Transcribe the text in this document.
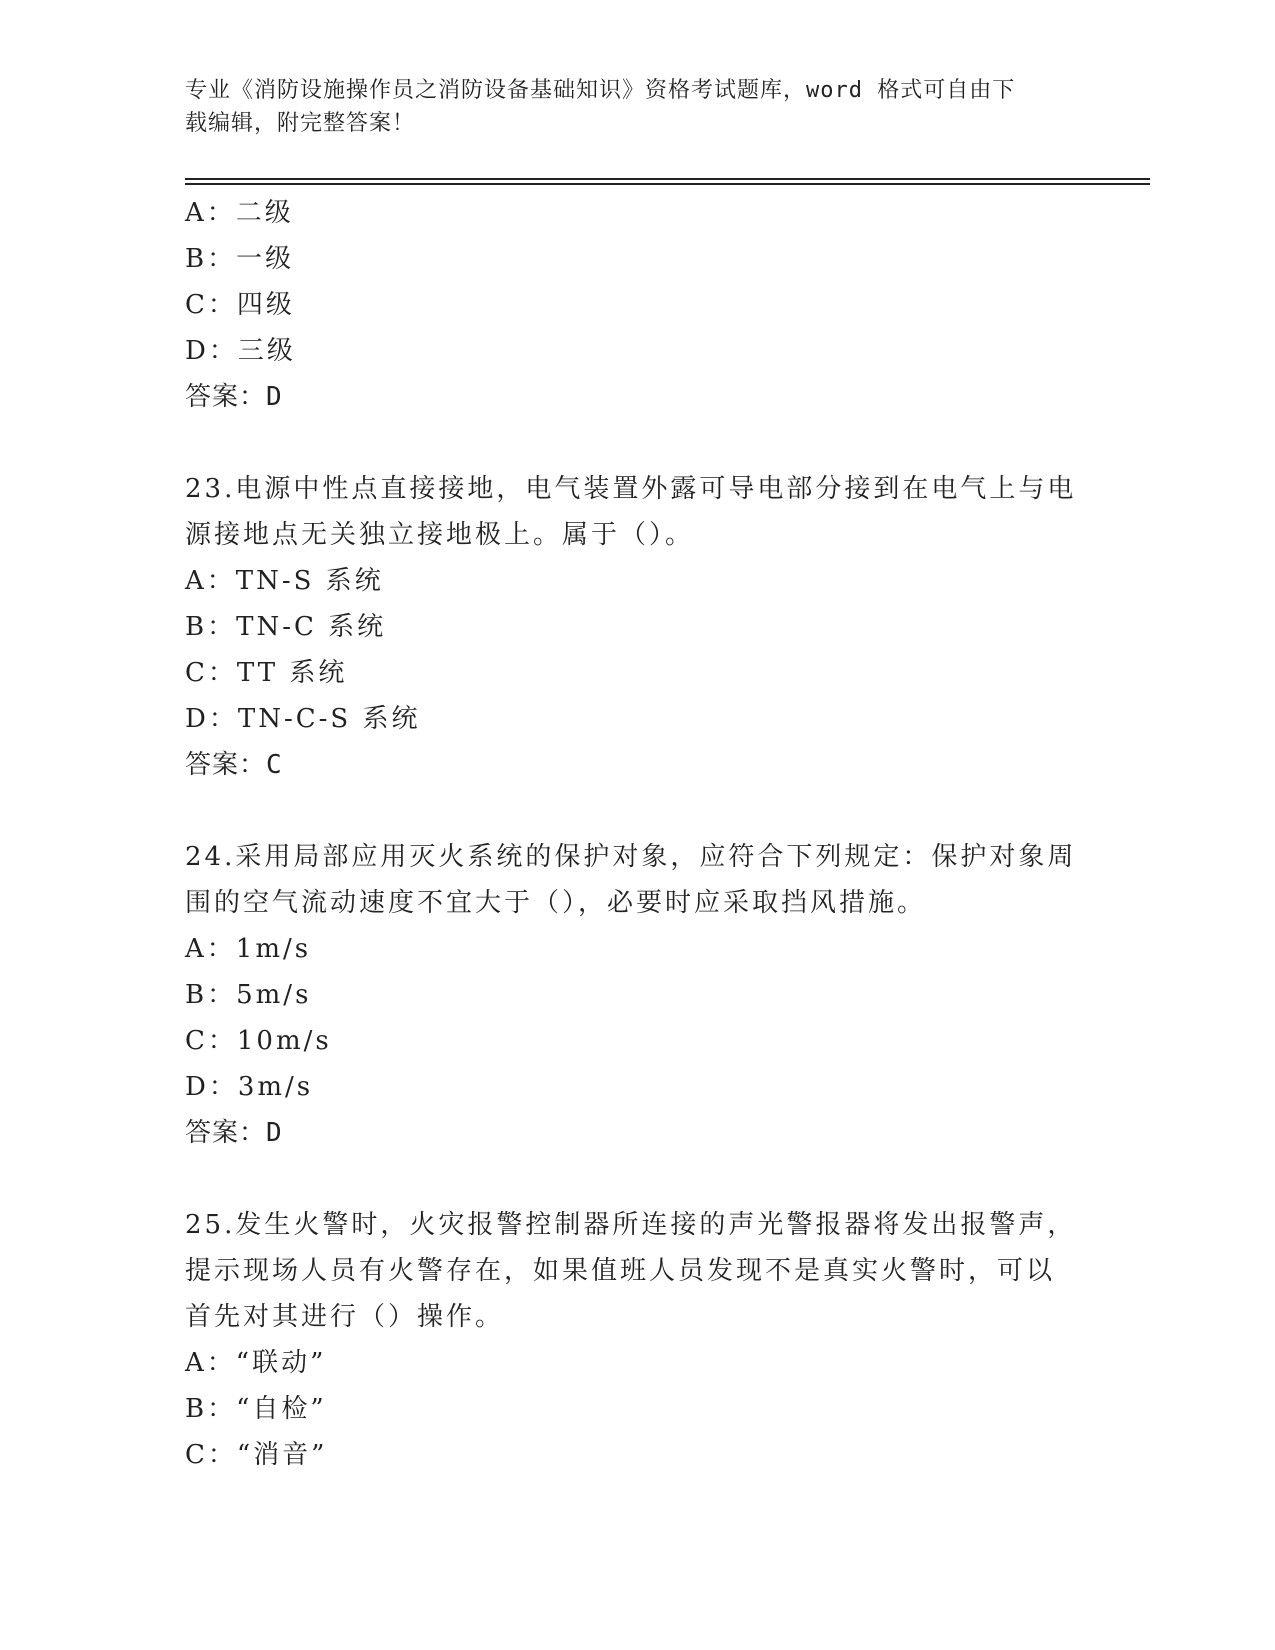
专业《消防设施操作员之消防设备基础知识》资格考试题库，word 格式可自由下
载编辑，附完整答案！
A：二级
B：一级
C：四级
D：三级
答案：D
23.电源中性点直接接地，电气装置外露可导电部分接到在电气上与电
源接地点无关独立接地极上。属于（）。
A：TN-S 系统
B：TN-C 系统
C：TT 系统
D：TN-C-S 系统
答案：C
24.采用局部应用灭火系统的保护对象，应符合下列规定：保护对象周
围的空气流动速度不宜大于（），必要时应采取挡风措施。
A：1m/s
B：5m/s
C：10m/s
D：3m/s
答案：D
25.发生火警时，火灾报警控制器所连接的声光警报器将发出报警声，
提示现场人员有火警存在，如果值班人员发现不是真实火警时，可以
首先对其进行（）操作。
A：“联动”
B：“自检”
C：“消音”
